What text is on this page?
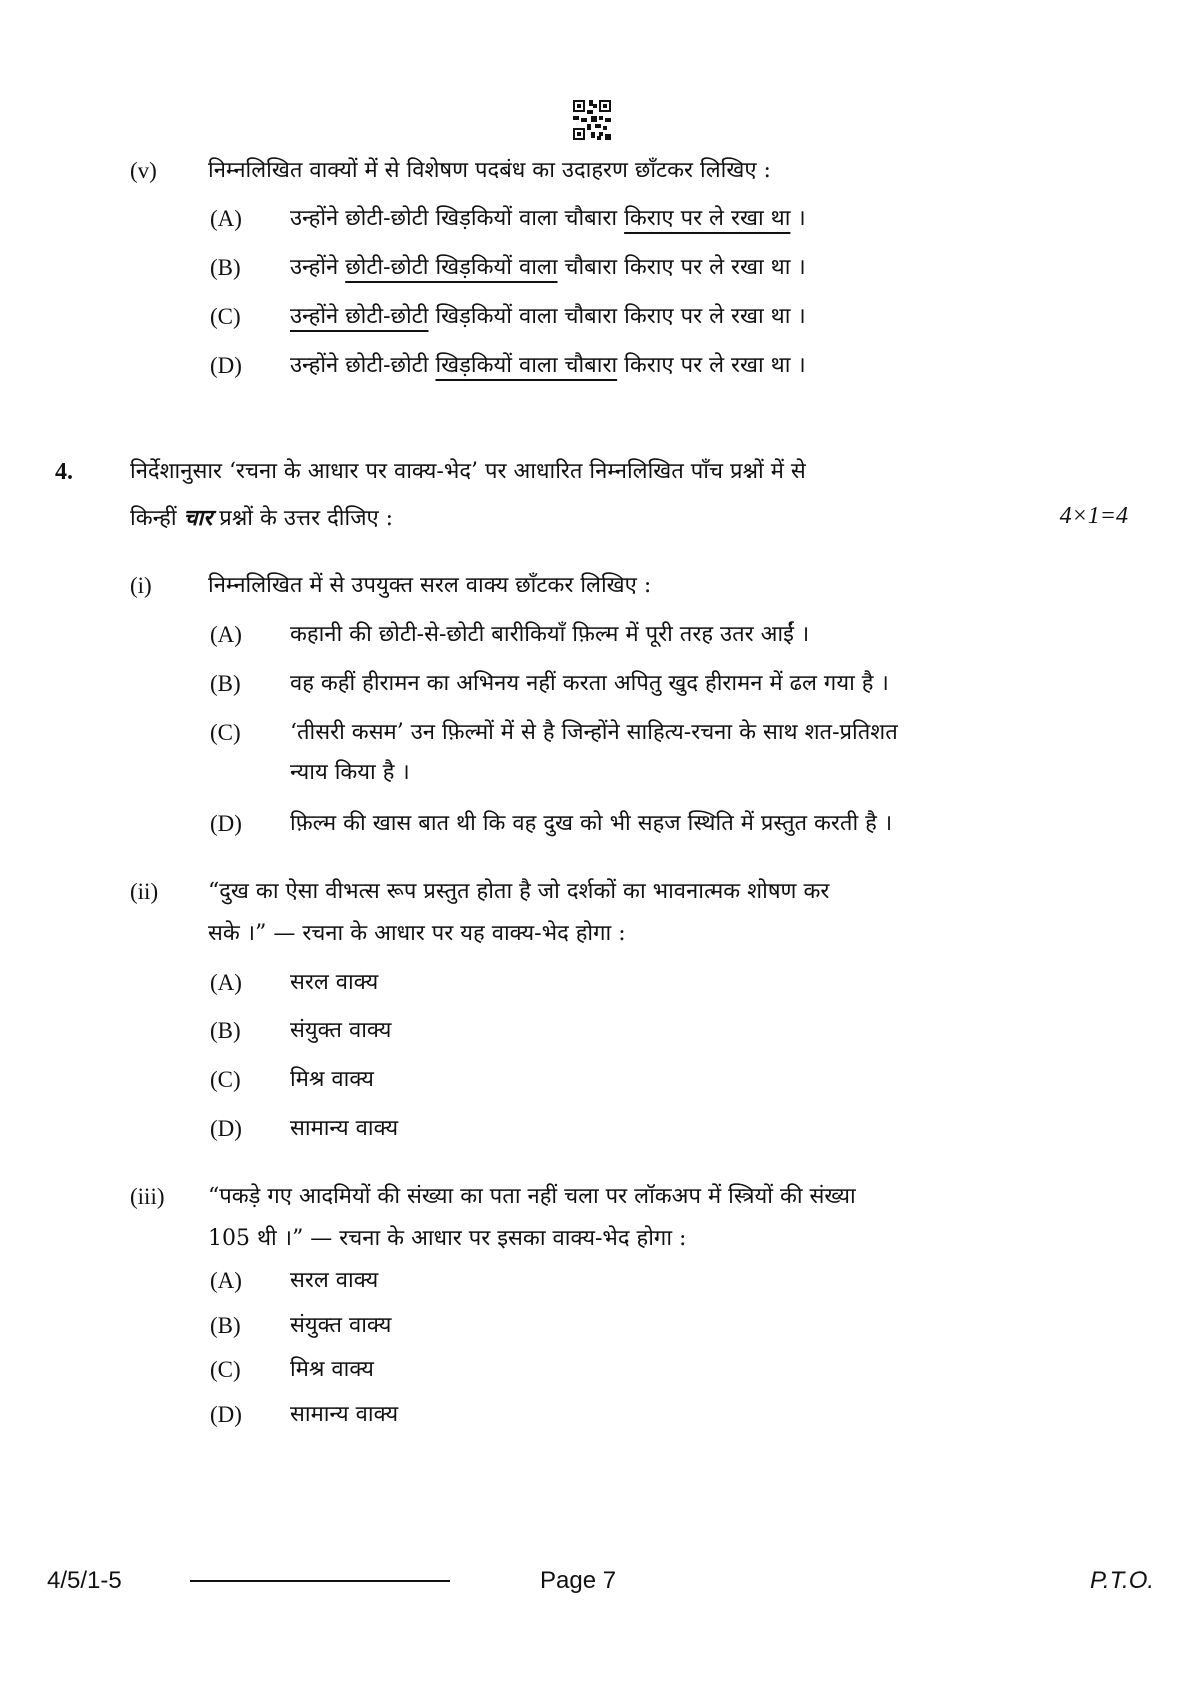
(v) निम्नलिखित वाक्यों में से विशेषण पदबंध का उदाहरण छाँटकर लिखिए :
(A) उन्होंने छोटी-छोटी खिड़कियों वाला चौबारा किराए पर ले रखा था ।
(B) उन्होंने छोटी-छोटी खिड़कियों वाला चौबारा किराए पर ले रखा था ।
(C) उन्होंने छोटी-छोटी खिड़कियों वाला चौबारा किराए पर ले रखा था ।
(D) उन्होंने छोटी-छोटी खिड़कियों वाला चौबारा किराए पर ले रखा था ।
4.	निर्देशानुसार ‘रचना के आधार पर वाक्य-भेद’ पर आधारित निम्नलिखित पाँच प्रश्नों में से
किन्हीं चार प्रश्नों के उत्तर दीजिए :	4×1=4
(i)	निम्नलिखित में से उपयुक्त सरल वाक्य छाँटकर लिखिए :
(A) कहानी की छोटी-से-छोटी बारीकियाँ फ़िल्म में पूरी तरह उतर आईं ।
(B) वह कहीं हीरामन का अभिनय नहीं करता अपितु खुद हीरामन में ढल गया है ।
(C) ‘तीसरी कसम’ उन फ़िल्मों में से है जिन्होंने साहित्य-रचना के साथ शत-प्रतिशत
न्याय किया है ।
(D) फ़िल्म की खास बात थी कि वह दुख को भी सहज स्थिति में प्रस्तुत करती है ।
(ii) “दुख का ऐसा वीभत्स रूप प्रस्तुत होता है जो दर्शकों का भावनात्मक शोषण कर
सके ।” — रचना के आधार पर यह वाक्य-भेद होगा :
(A) सरल वाक्य
(B) संयुक्त वाक्य
(C) मिश्र वाक्य
(D) सामान्य वाक्य
(iii) “पकड़े गए आदमियों की संख्या का पता नहीं चला पर लॉकअप में स्त्रियों की संख्या
105 थी ।” — रचना के आधार पर इसका वाक्य-भेद होगा :
(A) सरल वाक्य
(B) संयुक्त वाक्य
(C) मिश्र वाक्य
(D) सामान्य वाक्य
4/5/1-5	Page 7	P.T.O.
